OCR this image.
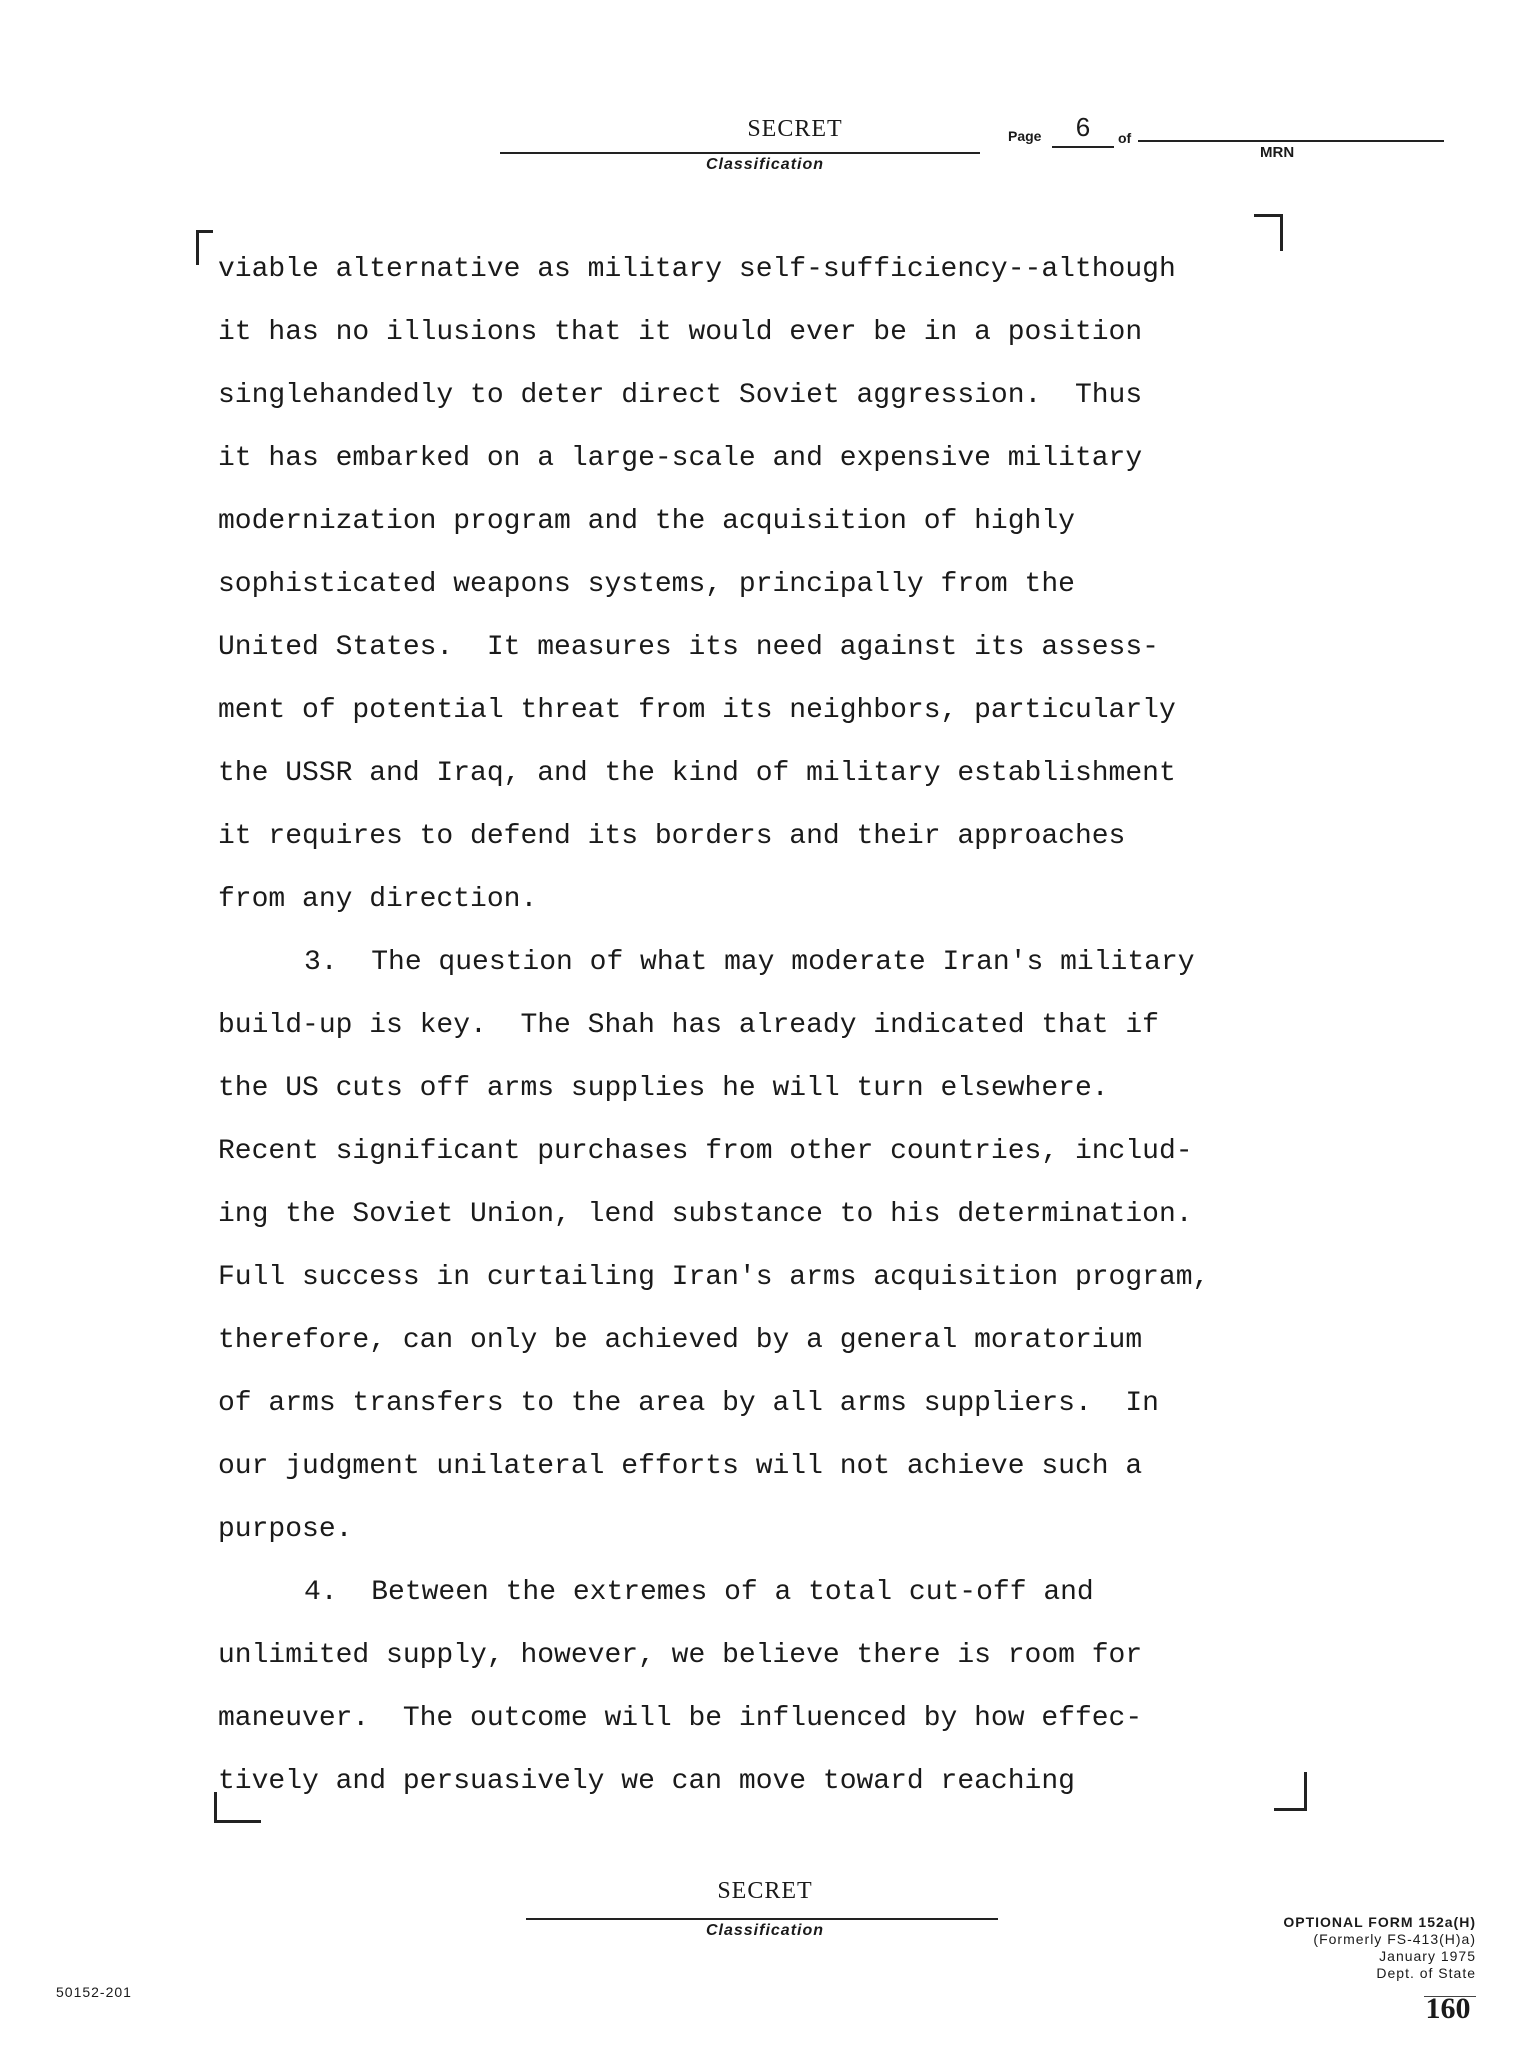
SECRET
Classification
Page 6	of
MRN
viable alternative as military self-sufficiency--although
it has no illusions that it would ever be in a position
singlehandedly to deter direct Soviet aggression.  Thus
it has embarked on a large-scale and expensive military
modernization program and the acquisition of highly
sophisticated weapons systems, principally from the
United States.  It measures its need against its assess-
ment of potential threat from its neighbors, particularly
the USSR and Iraq, and the kind of military establishment
it requires to defend its borders and their approaches
from any direction.
3.  The question of what may moderate Iran's military
build-up is key.  The Shah has already indicated that if
the US cuts off arms supplies he will turn elsewhere.
Recent significant purchases from other countries, includ-
ing the Soviet Union, lend substance to his determination.
Full success in curtailing Iran's arms acquisition program,
therefore, can only be achieved by a general moratorium
of arms transfers to the area by all arms suppliers.  In
our judgment unilateral efforts will not achieve such a
purpose.
4.  Between the extremes of a total cut-off and
unlimited supply, however, we believe there is room for
maneuver.  The outcome will be influenced by how effec-
tively and persuasively we can move toward reaching
SECRET
Classification	OPTIONAL FORM 152a(H)
(Formerly FS-413(H)a)
January 1975
Dept. of State
50152-201	160
